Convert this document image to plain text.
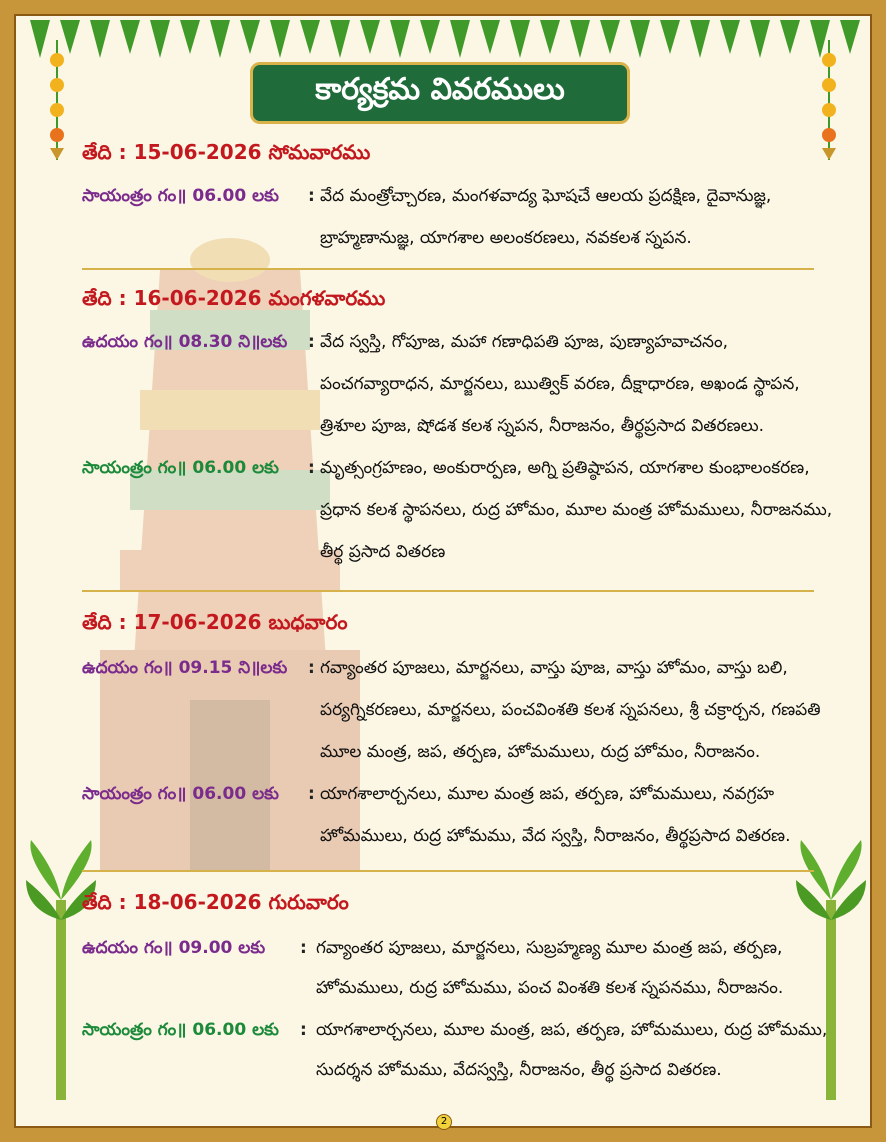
కార్యక్రమ వివరములు
తేది : 15-06-2026 సోమవారము
సాయంత్రం గం॥ 06.00 లకు : వేద మంత్రోచ్చారణ, మంగళవాద్య ఘోషచే ఆలయ ప్రదక్షిణ, దైవానుజ్ఞ,
బ్రాహ్మణానుజ్ఞ, యాగశాల అలంకరణలు, నవకలశ స్నపన.
తేది : 16-06-2026 మంగళవారము
ఉదయం గం॥ 08.30 ని॥లకు : వేద స్వస్తి, గోపూజ, మహా గణాధిపతి పూజ, పుణ్యాహవాచనం,
పంచగవ్యారాధన, మార్జనలు, ఋత్విక్ వరణ, దీక్షాధారణ, అఖండ స్థాపన,
త్రిశూల పూజ, షోడశ కలశ స్నపన, నీరాజనం, తీర్థప్రసాద వితరణలు.
సాయంత్రం గం॥ 06.00 లకు : మృత్సంగ్రహణం, అంకురార్పణ, అగ్ని ప్రతిష్ఠాపన, యాగశాల కుంభాలంకరణ,
ప్రధాన కలశ స్థాపనలు, రుద్ర హోమం, మూల మంత్ర హోమములు, నీరాజనము,
తీర్థ ప్రసాద వితరణ
తేది : 17-06-2026 బుధవారం
ఉదయం గం॥ 09.15 ని॥లకు : గవ్యాంతర పూజలు, మార్జనలు, వాస్తు పూజ, వాస్తు హోమం, వాస్తు బలి,
పర్యగ్నికరణలు, మార్జనలు, పంచవింశతి కలశ స్నపనలు, శ్రీ చక్రార్చన, గణపతి
మూల మంత్ర, జప, తర్పణ, హోమములు, రుద్ర హోమం, నీరాజనం.
సాయంత్రం గం॥ 06.00 లకు : యాగశాలార్చనలు, మూల మంత్ర జప, తర్పణ, హోమములు, నవగ్రహ
హోమములు, రుద్ర హోమము, వేద స్వస్తి, నీరాజనం, తీర్థప్రసాద వితరణ.
తేది : 18-06-2026 గురువారం
ఉదయం గం॥ 09.00 లకు : గవ్యాంతర పూజలు, మార్జనలు, సుబ్రహ్మణ్య మూల మంత్ర జప, తర్పణ,
హోమములు, రుద్ర హోమము, పంచ వింశతి కలశ స్నపనము, నీరాజనం.
సాయంత్రం గం॥ 06.00 లకు : యాగశాలార్చనలు, మూల మంత్ర, జప, తర్పణ, హోమములు, రుద్ర హోమము,
సుదర్శన హోమము, వేదస్వస్తి, నీరాజనం, తీర్థ ప్రసాద వితరణ.
2
